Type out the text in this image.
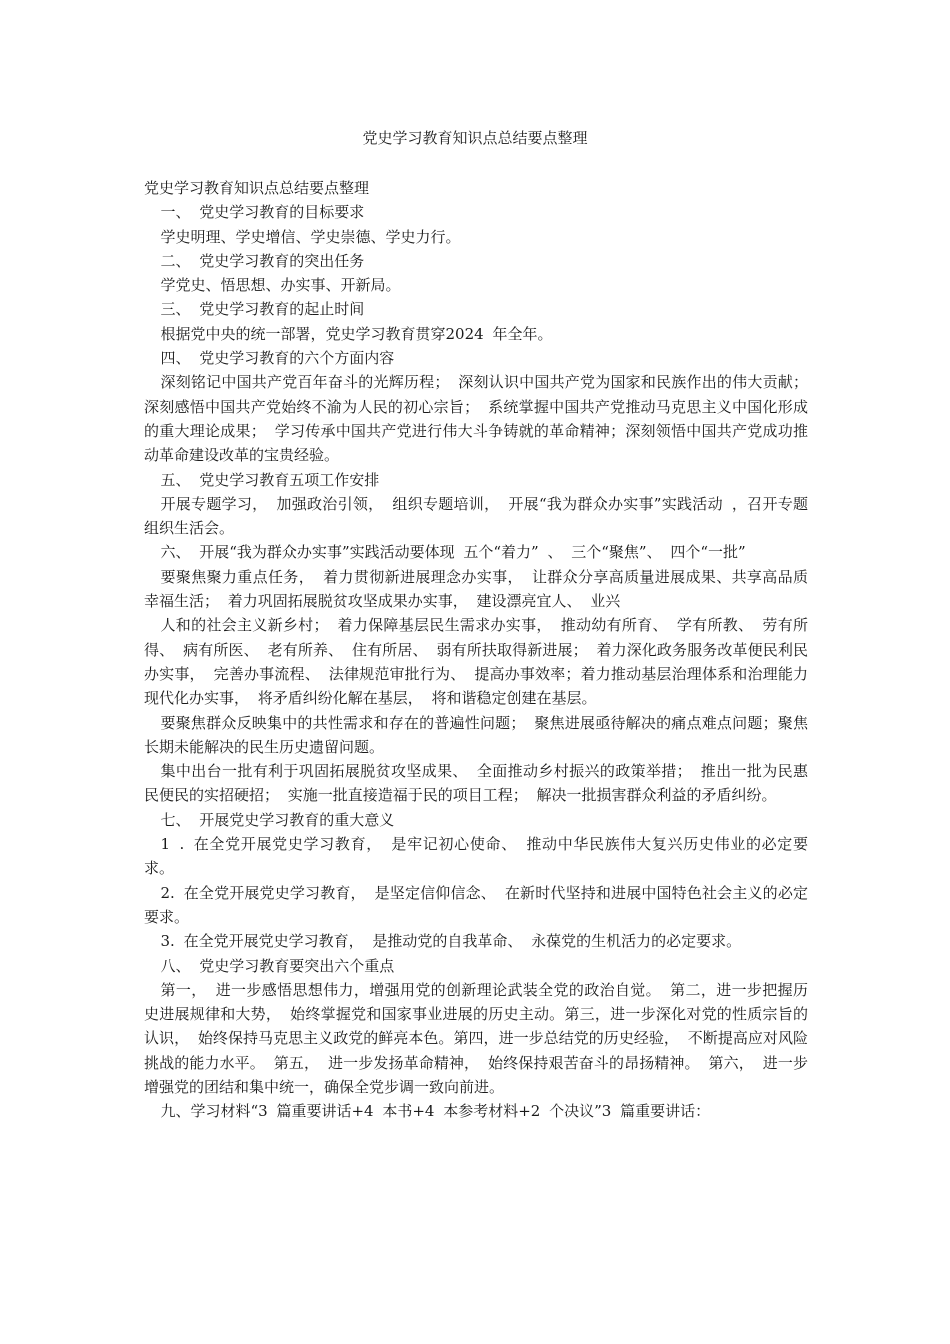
党史学习教育知识点总结要点整理

党史学习教育知识点总结要点整理

一、 党史学习教育的目标要求

学史明理、学史增信、学史崇德、学史力行。

二、 党史学习教育的突出任务

学党史、悟思想、办实事、开新局。

三、 党史学习教育的起止时间

根据党中央的统一部署，党史学习教育贯穿2024 年全年。

四、 党史学习教育的六个方面内容

深刻铭记中国共产党百年奋斗的光辉历程； 深刻认识中国共产党为国家和民族作出的伟大贡献； 深刻感悟中国共产党始终不渝为人民的初心宗旨； 系统掌握中国共产党推动马克思主义中国化形成的重大理论成果； 学习传承中国共产党进行伟大斗争铸就的革命精神；深刻领悟中国共产党成功推动革命建设改革的宝贵经验。

五、 党史学习教育五项工作安排

开展专题学习， 加强政治引领， 组织专题培训， 开展“我为群众办实事”实践活动 ，召开专题组织生活会。

六、 开展“我为群众办实事”实践活动要体现 五个“着力” 、 三个“聚焦”、 四个“一批”

要聚焦聚力重点任务， 着力贯彻新进展理念办实事， 让群众分享高质量进展成果、共享高品质幸福生活； 着力巩固拓展脱贫攻坚成果办实事， 建设漂亮宜人、 业兴

人和的社会主义新乡村； 着力保障基层民生需求办实事， 推动幼有所育、 学有所教、 劳有所得、 病有所医、 老有所养、 住有所居、 弱有所扶取得新进展； 着力深化政务服务改革便民利民办实事， 完善办事流程、 法律规范审批行为、 提高办事效率；着力推动基层治理体系和治理能力现代化办实事， 将矛盾纠纷化解在基层， 将和谐稳定创建在基层。

要聚焦群众反映集中的共性需求和存在的普遍性问题； 聚焦进展亟待解决的痛点难点问题；聚焦长期未能解决的民生历史遗留问题。

集中出台一批有利于巩固拓展脱贫攻坚成果、 全面推动乡村振兴的政策举措； 推出一批为民惠民便民的实招硬招； 实施一批直接造福于民的项目工程； 解决一批损害群众利益的矛盾纠纷。

七、 开展党史学习教育的重大意义

1 . 在全党开展党史学习教育， 是牢记初心使命、 推动中华民族伟大复兴历史伟业的必定要求。

2. 在全党开展党史学习教育， 是坚定信仰信念、 在新时代坚持和进展中国特色社会主义的必定要求。

3. 在全党开展党史学习教育， 是推动党的自我革命、 永葆党的生机活力的必定要求。

八、 党史学习教育要突出六个重点

第一， 进一步感悟思想伟力，增强用党的创新理论武装全党的政治自觉。 第二，进一步把握历史进展规律和大势， 始终掌握党和国家事业进展的历史主动。第三，进一步深化对党的性质宗旨的认识， 始终保持马克思主义政党的鲜亮本色。第四，进一步总结党的历史经验， 不断提高应对风险挑战的能力水平。 第五， 进一步发扬革命精神， 始终保持艰苦奋斗的昂扬精神。 第六， 进一步增强党的团结和集中统一，确保全党步调一致向前进。

九、学习材料“3 篇重要讲话+4 本书+4 本参考材料+2 个决议”3 篇重要讲话：
